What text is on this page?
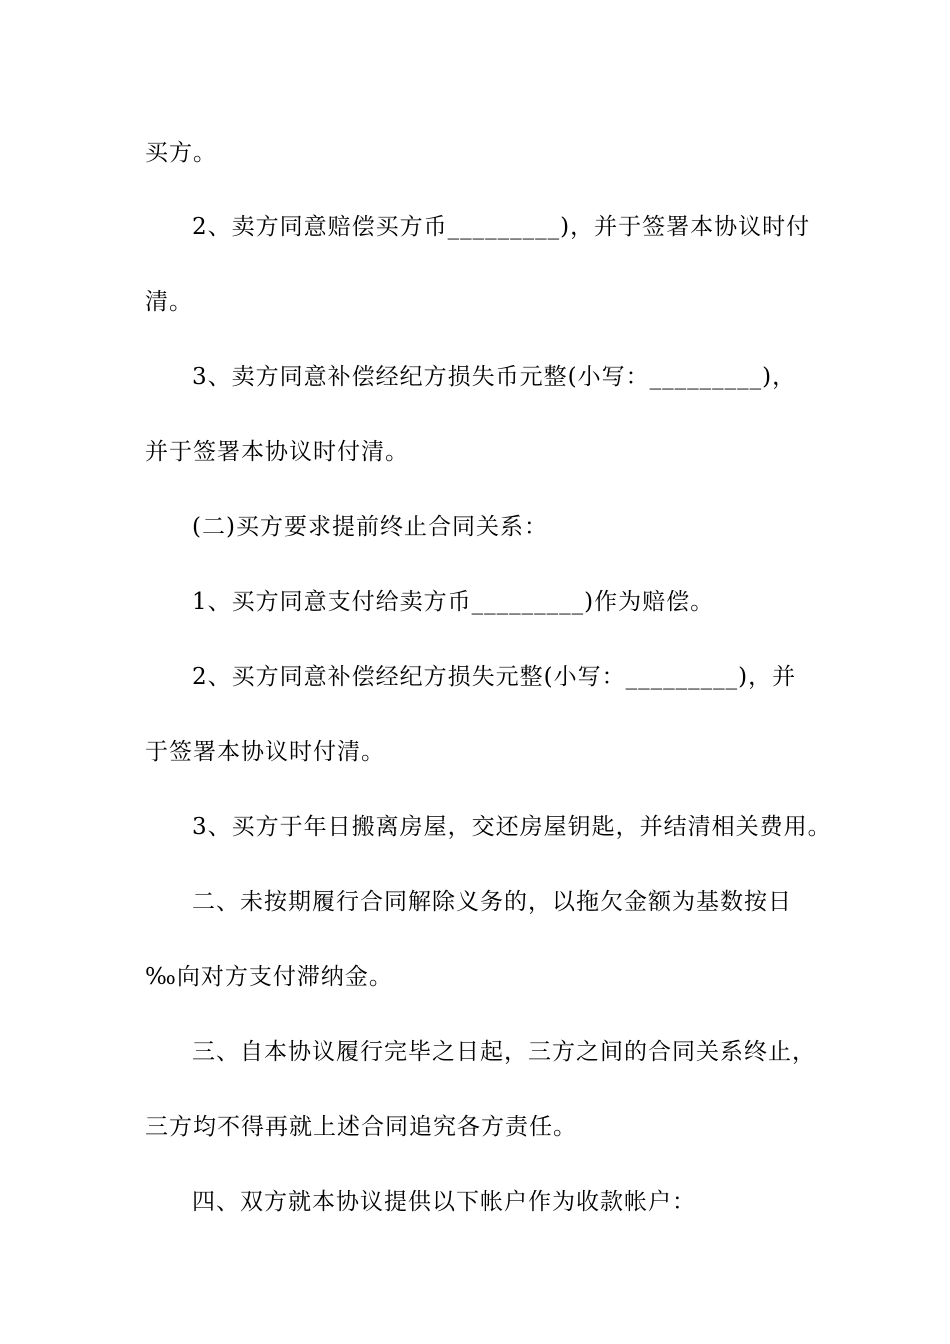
买方。
2、卖方同意赔偿买方币_________)，并于签署本协议时付
清。
3、卖方同意补偿经纪方损失币元整(小写：_________)，
并于签署本协议时付清。
(二)买方要求提前终止合同关系：
1、买方同意支付给卖方币_________)作为赔偿。
2、买方同意补偿经纪方损失元整(小写：_________)，并
于签署本协议时付清。
3、买方于年日搬离房屋，交还房屋钥匙，并结清相关费用。
二、未按期履行合同解除义务的，以拖欠金额为基数按日
‰向对方支付滞纳金。
三、自本协议履行完毕之日起，三方之间的合同关系终止，
三方均不得再就上述合同追究各方责任。
四、双方就本协议提供以下帐户作为收款帐户：
